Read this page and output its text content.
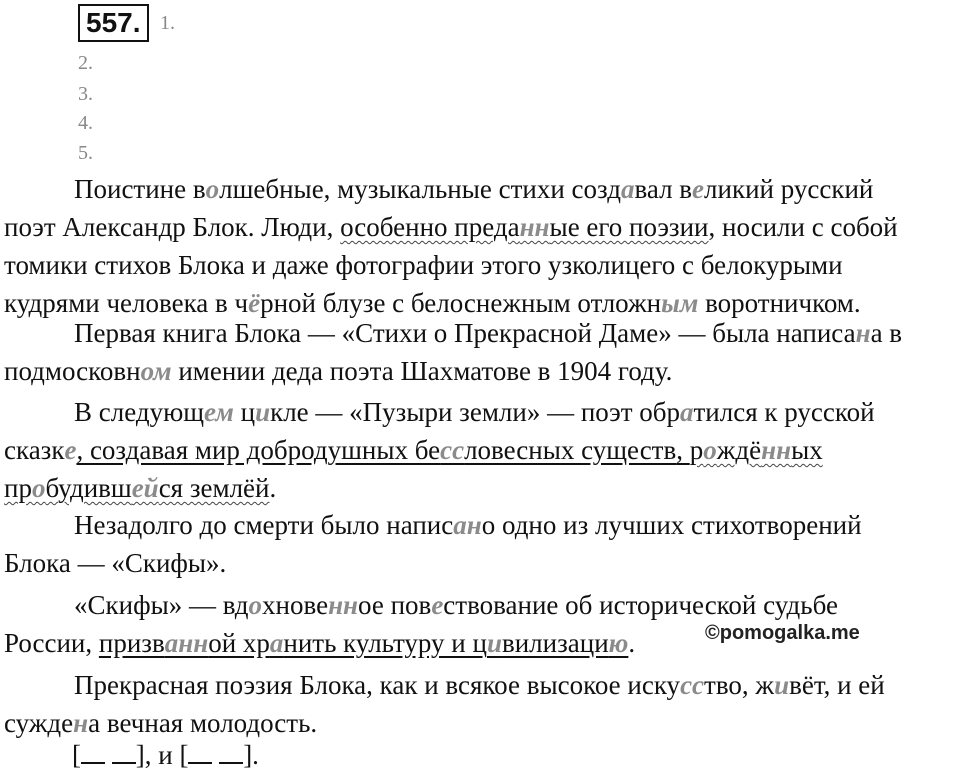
557. 1.
2.
3.
4.
5.
Поистине волшебные, музыкальные стихи создавал великий русский
поэт Александр Блок. Люди, особенно преданные его поэзии, носили с собой
томики стихов Блока и даже фотографии этого узколицего с белокурыми
кудрями человека в чёрной блузе с белоснежным отложным воротничком.
Первая книга Блока — «Стихи о Прекрасной Даме» — была написана в
подмосковном имении деда поэта Шахматове в 1904 году.
В следующем цикле — «Пузыри земли» — поэт обратился к русской
сказке, создавая мир добродушных бессловесных существ, рождённых
пробудившейся землёй.
Незадолго до смерти было написано одно из лучших стихотворений
Блока — «Скифы».
«Скифы» — вдохновенное повествование об исторической судьбе
России, призванной хранить культуру и цивилизацию.	©pomogalka.me
Прекрасная поэзия Блока, как и всякое высокое искусство, живёт, и ей
суждена вечная молодость.
[ ], и [ ].
